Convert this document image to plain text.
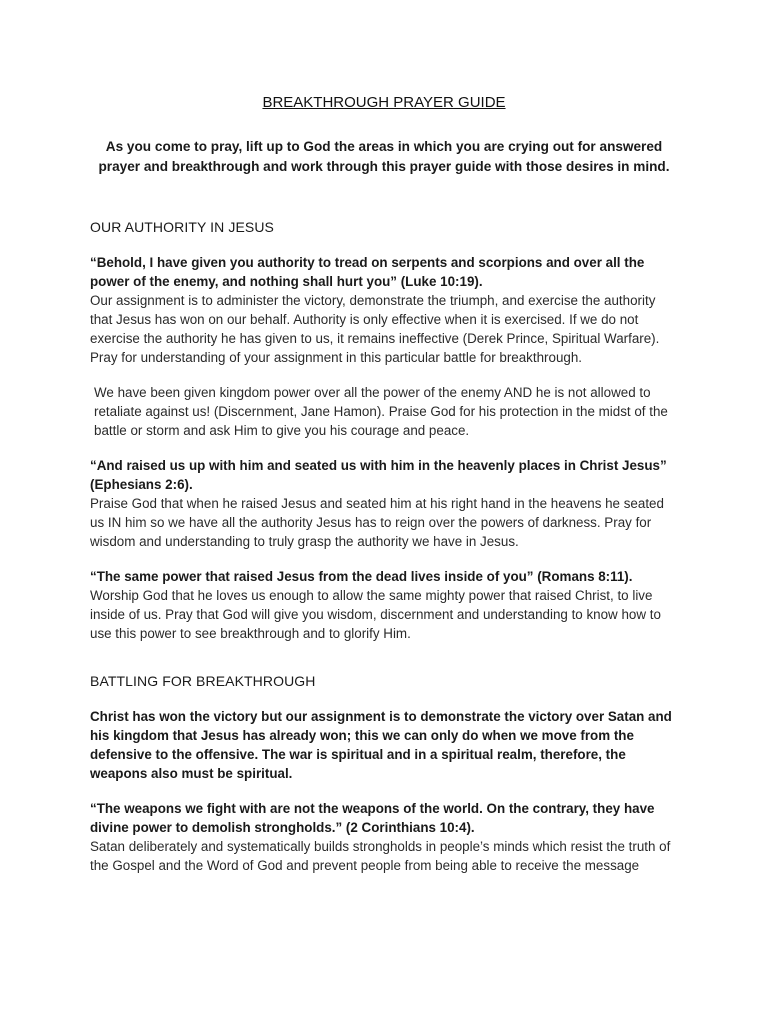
BREAKTHROUGH PRAYER GUIDE

As you come to pray, lift up to God the areas in which you are crying out for answered prayer and breakthrough and work through this prayer guide with those desires in mind.

OUR AUTHORITY IN JESUS

“Behold, I have given you authority to tread on serpents and scorpions and over all the power of the enemy, and nothing shall hurt you” (Luke 10:19).

Our assignment is to administer the victory, demonstrate the triumph, and exercise the authority that Jesus has won on our behalf. Authority is only effective when it is exercised. If we do not exercise the authority he has given to us, it remains ineffective (Derek Prince, Spiritual Warfare). Pray for understanding of your assignment in this particular battle for breakthrough.

We have been given kingdom power over all the power of the enemy AND he is not allowed to retaliate against us! (Discernment, Jane Hamon). Praise God for his protection in the midst of the battle or storm and ask Him to give you his courage and peace.

“And raised us up with him and seated us with him in the heavenly places in Christ Jesus” (Ephesians 2:6).

Praise God that when he raised Jesus and seated him at his right hand in the heavens he seated us IN him so we have all the authority Jesus has to reign over the powers of darkness. Pray for wisdom and understanding to truly grasp the authority we have in Jesus.

“The same power that raised Jesus from the dead lives inside of you” (Romans 8:11).

Worship God that he loves us enough to allow the same mighty power that raised Christ, to live inside of us. Pray that God will give you wisdom, discernment and understanding to know how to use this power to see breakthrough and to glorify Him.

BATTLING FOR BREAKTHROUGH

Christ has won the victory but our assignment is to demonstrate the victory over Satan and his kingdom that Jesus has already won; this we can only do when we move from the defensive to the offensive. The war is spiritual and in a spiritual realm, therefore, the weapons also must be spiritual.

“The weapons we fight with are not the weapons of the world. On the contrary, they have divine power to demolish strongholds.” (2 Corinthians 10:4).

Satan deliberately and systematically builds strongholds in people’s minds which resist the truth of the Gospel and the Word of God and prevent people from being able to receive the message
